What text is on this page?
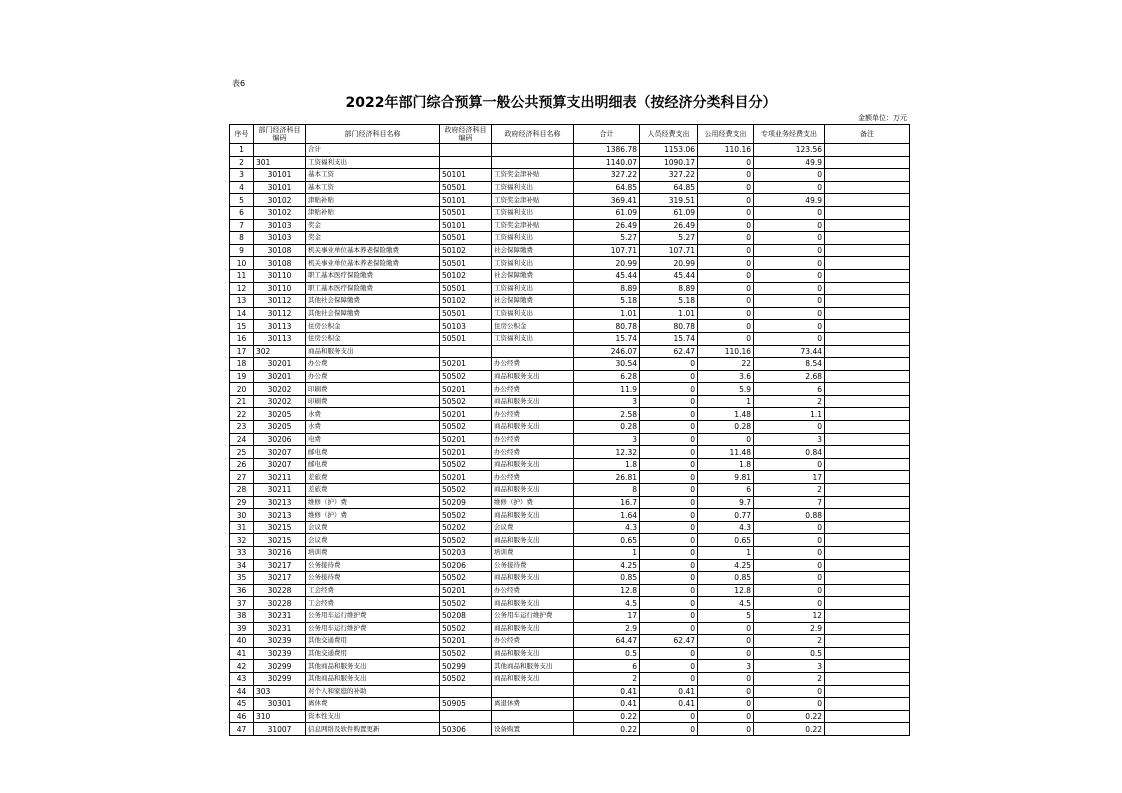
表6
2022年部门综合预算一般公共预算支出明细表（按经济分类科目分）
金额单位：万元
序号	部门经济科目编码	部门经济科目名称	政府经济科目编码	政府经济科目名称	合计	人员经费支出	公用经费支出	专项业务经费支出	备注
1		合计			1386.78	1153.06	110.16	123.56	
2	301	工资福利支出			1140.07	1090.17	0	49.9	
3	30101	基本工资	50101	工资奖金津补贴	327.22	327.22	0	0	
4	30101	基本工资	50501	工资福利支出	64.85	64.85	0	0	
5	30102	津贴补贴	50101	工资奖金津补贴	369.41	319.51	0	49.9	
6	30102	津贴补贴	50501	工资福利支出	61.09	61.09	0	0	
7	30103	奖金	50101	工资奖金津补贴	26.49	26.49	0	0	
8	30103	奖金	50501	工资福利支出	5.27	5.27	0	0	
9	30108	机关事业单位基本养老保险缴费	50102	社会保障缴费	107.71	107.71	0	0	
10	30108	机关事业单位基本养老保险缴费	50501	工资福利支出	20.99	20.99	0	0	
11	30110	职工基本医疗保险缴费	50102	社会保障缴费	45.44	45.44	0	0	
12	30110	职工基本医疗保险缴费	50501	工资福利支出	8.89	8.89	0	0	
13	30112	其他社会保障缴费	50102	社会保障缴费	5.18	5.18	0	0	
14	30112	其他社会保障缴费	50501	工资福利支出	1.01	1.01	0	0	
15	30113	住房公积金	50103	住房公积金	80.78	80.78	0	0	
16	30113	住房公积金	50501	工资福利支出	15.74	15.74	0	0	
17	302	商品和服务支出			246.07	62.47	110.16	73.44	
18	30201	办公费	50201	办公经费	30.54	0	22	8.54	
19	30201	办公费	50502	商品和服务支出	6.28	0	3.6	2.68	
20	30202	印刷费	50201	办公经费	11.9	0	5.9	6	
21	30202	印刷费	50502	商品和服务支出	3	0	1	2	
22	30205	水费	50201	办公经费	2.58	0	1.48	1.1	
23	30205	水费	50502	商品和服务支出	0.28	0	0.28	0	
24	30206	电费	50201	办公经费	3	0	0	3	
25	30207	邮电费	50201	办公经费	12.32	0	11.48	0.84	
26	30207	邮电费	50502	商品和服务支出	1.8	0	1.8	0	
27	30211	差旅费	50201	办公经费	26.81	0	9.81	17	
28	30211	差旅费	50502	商品和服务支出	8	0	6	2	
29	30213	维修（护）费	50209	维修（护）费	16.7	0	9.7	7	
30	30213	维修（护）费	50502	商品和服务支出	1.64	0	0.77	0.88	
31	30215	会议费	50202	会议费	4.3	0	4.3	0	
32	30215	会议费	50502	商品和服务支出	0.65	0	0.65	0	
33	30216	培训费	50203	培训费	1	0	1	0	
34	30217	公务接待费	50206	公务接待费	4.25	0	4.25	0	
35	30217	公务接待费	50502	商品和服务支出	0.85	0	0.85	0	
36	30228	工会经费	50201	办公经费	12.8	0	12.8	0	
37	30228	工会经费	50502	商品和服务支出	4.5	0	4.5	0	
38	30231	公务用车运行维护费	50208	公务用车运行维护费	17	0	5	12	
39	30231	公务用车运行维护费	50502	商品和服务支出	2.9	0	0	2.9	
40	30239	其他交通费用	50201	办公经费	64.47	62.47	0	2	
41	30239	其他交通费用	50502	商品和服务支出	0.5	0	0	0.5	
42	30299	其他商品和服务支出	50299	其他商品和服务支出	6	0	3	3	
43	30299	其他商品和服务支出	50502	商品和服务支出	2	0	0	2	
44	303	对个人和家庭的补助			0.41	0.41	0	0	
45	30301	离休费	50905	离退休费	0.41	0.41	0	0	
46	310	资本性支出			0.22	0	0	0.22	
47	31007	信息网络及软件购置更新	50306	设备购置	0.22	0	0	0.22	
